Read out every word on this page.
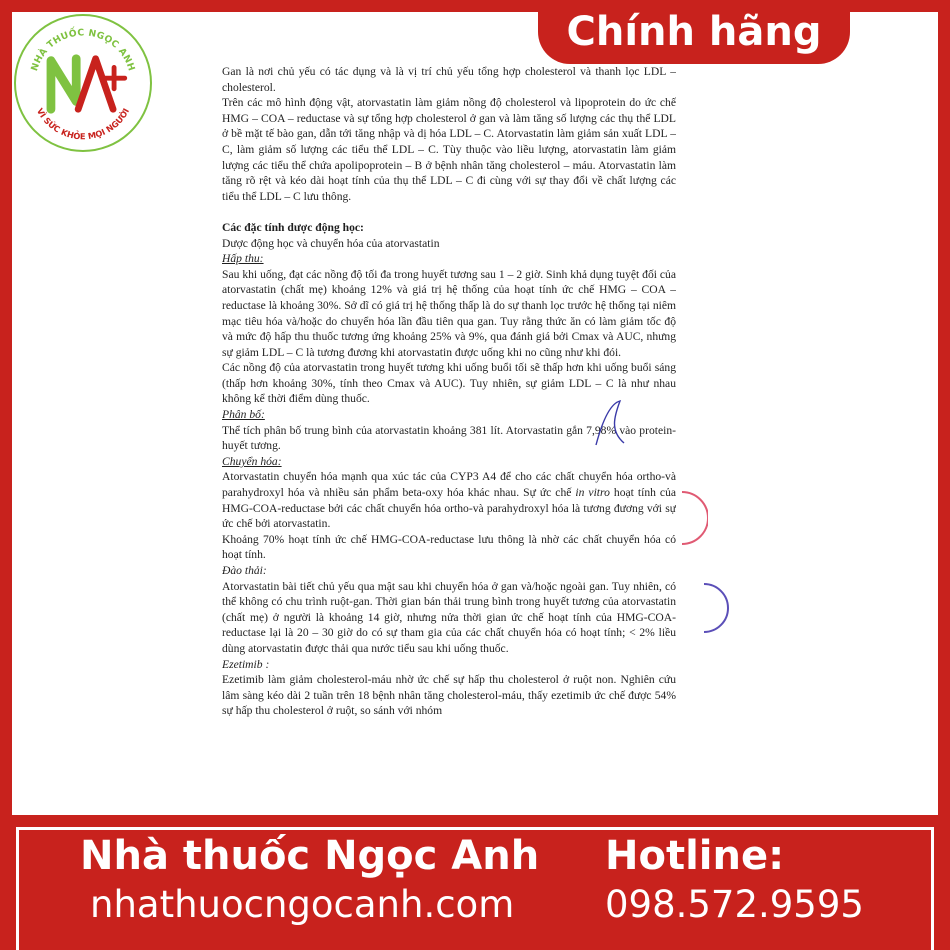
NHÀ THUỐC NGỌC ANH
VÌ SỨC KHỎE MỌI NGƯỜI
Chính hãng

Gan là nơi chủ yếu có tác dụng và là vị trí chủ yếu tổng hợp cholesterol và thanh lọc LDL – cholesterol.

Trên các mô hình động vật, atorvastatin làm giảm nồng độ cholesterol và lipoprotein do ức chế HMG – COA – reductase và sự tổng hợp cholesterol ở gan và làm tăng số lượng các thụ thể LDL ở bề mặt tế bào gan, dẫn tới tăng nhập và dị hóa LDL – C. Atorvastatin làm giảm sản xuất LDL – C, làm giảm số lượng các tiểu thể LDL – C. Tùy thuộc vào liều lượng, atorvastatin làm giảm lượng các tiểu thể chứa apolipoprotein – B ở bệnh nhân tăng cholesterol – máu. Atorvastatin làm tăng rõ rệt và kéo dài hoạt tính của thụ thể LDL – C đi cùng với sự thay đổi về chất lượng các tiểu thể LDL – C lưu thông.

Các đặc tính dược động học:

Dược động học và chuyển hóa của atorvastatin

Hấp thu:

Sau khi uống, đạt các nồng độ tối đa trong huyết tương sau 1 – 2 giờ. Sinh khả dụng tuyệt đối của atorvastatin (chất mẹ) khoảng 12% và giá trị hệ thống của hoạt tính ức chế HMG – COA – reductase là khoảng 30%. Sở dĩ có giá trị hệ thống thấp là do sự thanh lọc trước hệ thống tại niêm mạc tiêu hóa và/hoặc do chuyển hóa lần đầu tiên qua gan. Tuy rằng thức ăn có làm giảm tốc độ và mức độ hấp thu thuốc tương ứng khoảng 25% và 9%, qua đánh giá bởi Cmax và AUC, nhưng sự giảm LDL – C là tương đương khi atorvastatin được uống khi no cũng như khi đói.

Các nồng độ của atorvastatin trong huyết tương khi uống buổi tối sẽ thấp hơn khi uống buổi sáng (thấp hơn khoảng 30%, tính theo Cmax và AUC). Tuy nhiên, sự giảm LDL – C là như nhau không kể thời điểm dùng thuốc.

Phân bố:

Thể tích phân bố trung bình của atorvastatin khoảng 381 lít. Atorvastatin gắn 7,98% vào protein- huyết tương.

Chuyển hóa:

Atorvastatin chuyển hóa mạnh qua xúc tác của CYP3 A4 để cho các chất chuyển hóa ortho-và parahydroxyl hóa và nhiều sản phẩm beta-oxy hóa khác nhau. Sự ức chế in vitro hoạt tính của HMG-COA-reductase bởi các chất chuyển hóa ortho-và parahydroxyl hóa là tương đương với sự ức chế bởi atorvastatin.

Khoảng 70% hoạt tính ức chế HMG-COA-reductase lưu thông là nhờ các chất chuyển hóa có hoạt tính.

Đào thải:

Atorvastatin bài tiết chủ yếu qua mật sau khi chuyển hóa ở gan và/hoặc ngoài gan. Tuy nhiên, có thể không có chu trình ruột-gan. Thời gian bán thải trung bình trong huyết tương của atorvastatin (chất mẹ) ở người là khoảng 14 giờ, nhưng nửa thời gian ức chế hoạt tính của HMG-COA-reductase lại là 20 – 30 giờ do có sự tham gia của các chất chuyển hóa có hoạt tính; < 2% liều dùng atorvastatin được thải qua nước tiểu sau khi uống thuốc.

Ezetimib :

Ezetimib làm giảm cholesterol-máu nhờ ức chế sự hấp thu cholesterol ở ruột non. Nghiên cứu lâm sàng kéo dài 2 tuần trên 18 bệnh nhân tăng cholesterol-máu, thấy ezetimib ức chế được 54% sự hấp thu cholesterol ở ruột, so sánh với nhóm

Nhà thuốc Ngọc Anh
nhathuocngocanh.com
Hotline:
098.572.9595
